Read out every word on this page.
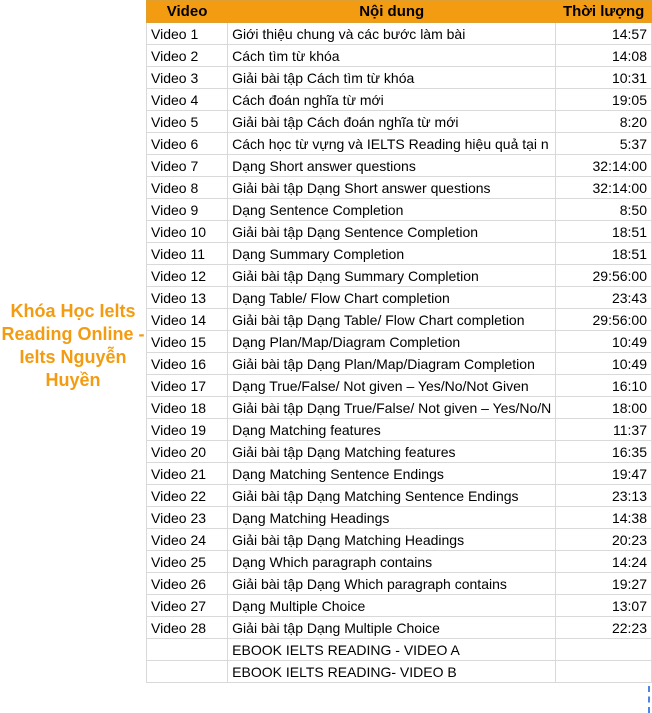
Khóa Học Ielts Reading Online - Ielts Nguyễn Huyền
Video	Nội dung	Thời lượng
Video 1	Giới thiệu chung và các bước làm bài	14:57
Video 2	Cách tìm từ khóa	14:08
Video 3	Giải bài tập Cách tìm từ khóa	10:31
Video 4	Cách đoán nghĩa từ mới	19:05
Video 5	Giải bài tập Cách đoán nghĩa từ mới	8:20
Video 6	Cách học từ vựng và IELTS Reading hiệu quả tại n	5:37
Video 7	Dạng Short answer questions	32:14:00
Video 8	Giải bài tập Dạng Short answer questions	32:14:00
Video 9	Dạng Sentence Completion	8:50
Video 10	Giải bài tập Dạng Sentence Completion	18:51
Video 11	Dạng Summary Completion	18:51
Video 12	Giải bài tập Dạng Summary Completion	29:56:00
Video 13	Dạng Table/ Flow Chart completion	23:43
Video 14	Giải bài tập Dạng Table/ Flow Chart completion	29:56:00
Video 15	Dạng Plan/Map/Diagram Completion	10:49
Video 16	Giải bài tập Dạng Plan/Map/Diagram Completion	10:49
Video 17	Dạng True/False/ Not given – Yes/No/Not Given	16:10
Video 18	Giải bài tập Dạng True/False/ Not given – Yes/No/N	18:00
Video 19	Dạng Matching features	11:37
Video 20	Giải bài tập Dạng Matching features	16:35
Video 21	Dạng Matching Sentence Endings	19:47
Video 22	Giải bài tập Dạng Matching Sentence Endings	23:13
Video 23	Dạng Matching Headings	14:38
Video 24	Giải bài tập Dạng Matching Headings	20:23
Video 25	Dạng Which paragraph contains	14:24
Video 26	Giải bài tập Dạng Which paragraph contains	19:27
Video 27	Dạng Multiple Choice	13:07
Video 28	Giải bài tập Dạng Multiple Choice	22:23
	EBOOK IELTS READING - VIDEO A	
	EBOOK IELTS READING- VIDEO B	
